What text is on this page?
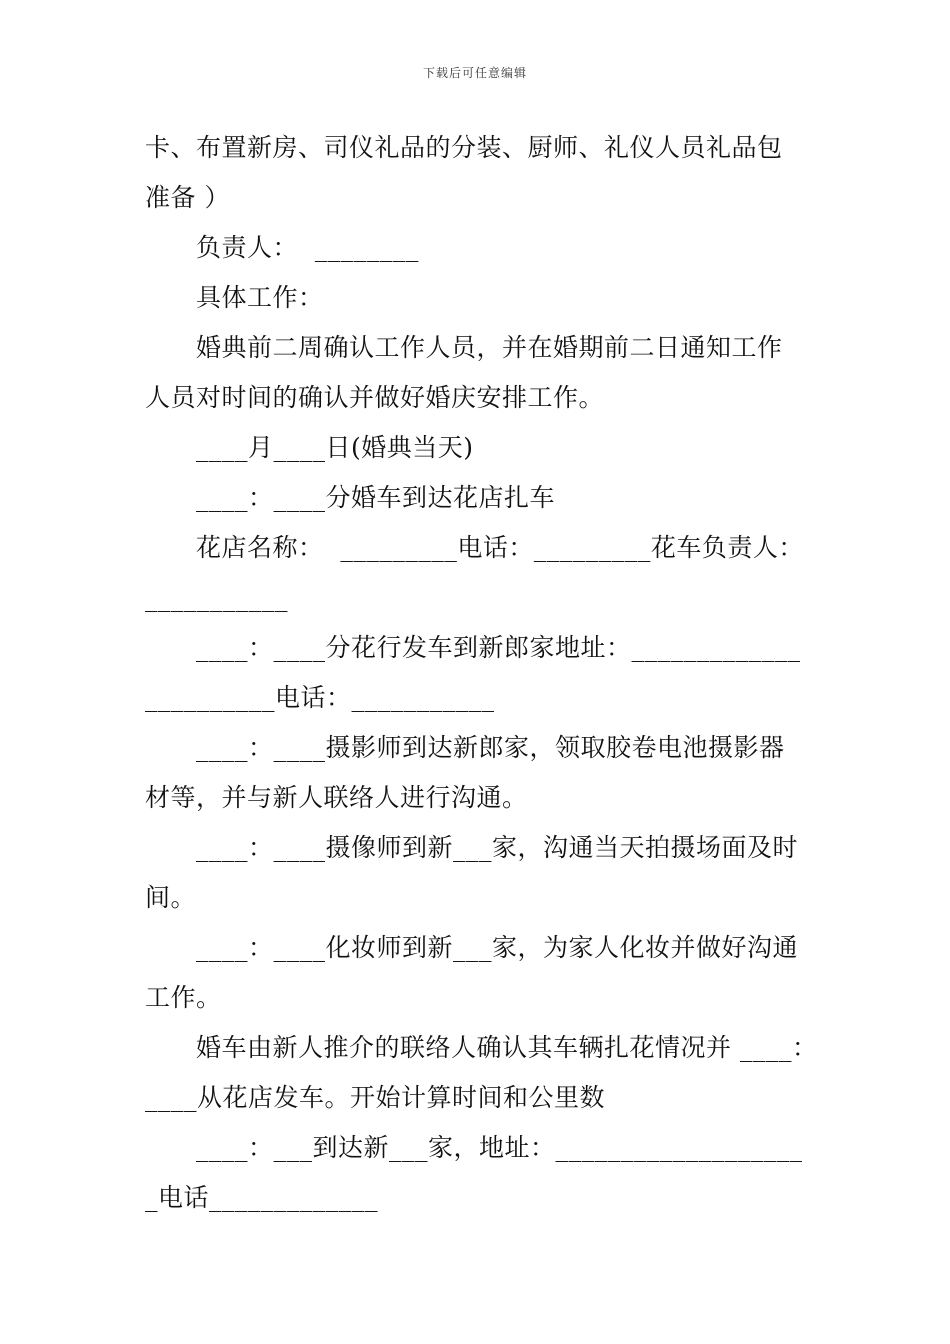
下载后可任意编辑
卡、布置新房、司仪礼品的分装、厨师、礼仪人员礼品包
准备 ）
负责人：  ________
具体工作：
婚典前二周确认工作人员，并在婚期前二日通知工作
人员对时间的确认并做好婚庆安排工作。
____月____日(婚典当天)
____：____分婚车到达花店扎车
花店名称：  _________电话：_________花车负责人：
___________
____：____分花行发车到新郎家地址：_____________
__________电话：___________
____：____摄影师到达新郎家，领取胶卷电池摄影器
材等，并与新人联络人进行沟通。
____：____摄像师到新___家，沟通当天拍摄场面及时
间。
____：____化妆师到新___家，为家人化妆并做好沟通
工作。
婚车由新人推介的联络人确认其车辆扎花情况并 ____：
____从花店发车。开始计算时间和公里数
____：___到达新___家，地址：___________________
_电话_____________
